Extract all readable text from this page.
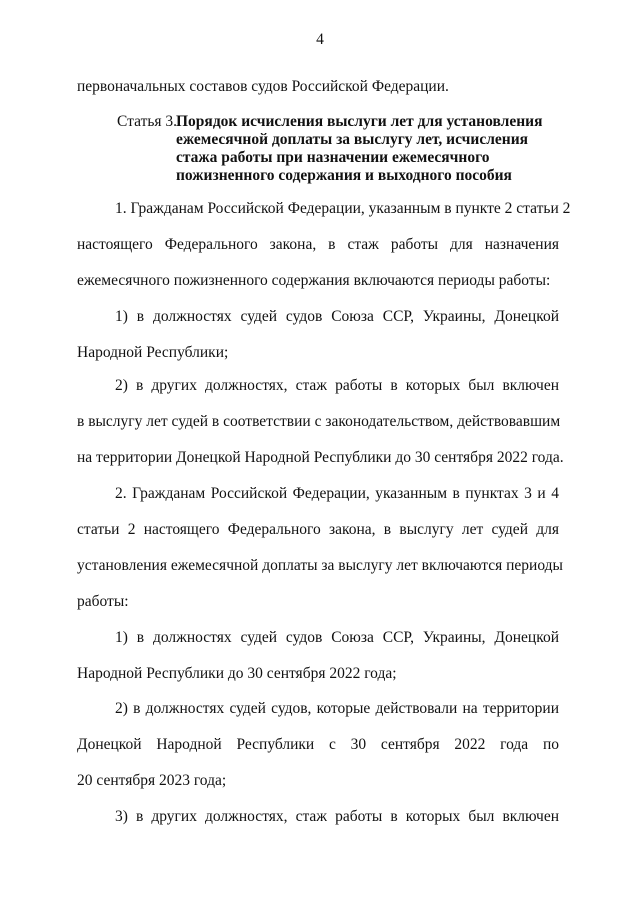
4
первоначальных составов судов Российской Федерации.
Статья 3.
Порядок исчисления выслуги лет для установления
ежемесячной доплаты за выслугу лет, исчисления
стажа работы при назначении ежемесячного
пожизненного содержания и выходного пособия
1. Гражданам Российской Федерации, указанным в пункте 2 статьи 2
настоящего Федерального закона, в стаж работы для назначения
ежемесячного пожизненного содержания включаются периоды работы:
1) в должностях судей судов Союза ССР, Украины, Донецкой
Народной Республики;
2) в других должностях, стаж работы в которых был включен
в выслугу лет судей в соответствии с законодательством, действовавшим
на территории Донецкой Народной Республики до 30 сентября 2022 года.
2. Гражданам Российской Федерации, указанным в пунктах 3 и 4
статьи 2 настоящего Федерального закона, в выслугу лет судей для
установления ежемесячной доплаты за выслугу лет включаются периоды
работы:
1) в должностях судей судов Союза ССР, Украины, Донецкой
Народной Республики до 30 сентября 2022 года;
2) в должностях судей судов, которые действовали на территории
Донецкой Народной Республики с 30 сентября 2022 года по
20 сентября 2023 года;
3) в других должностях, стаж работы в которых был включен
